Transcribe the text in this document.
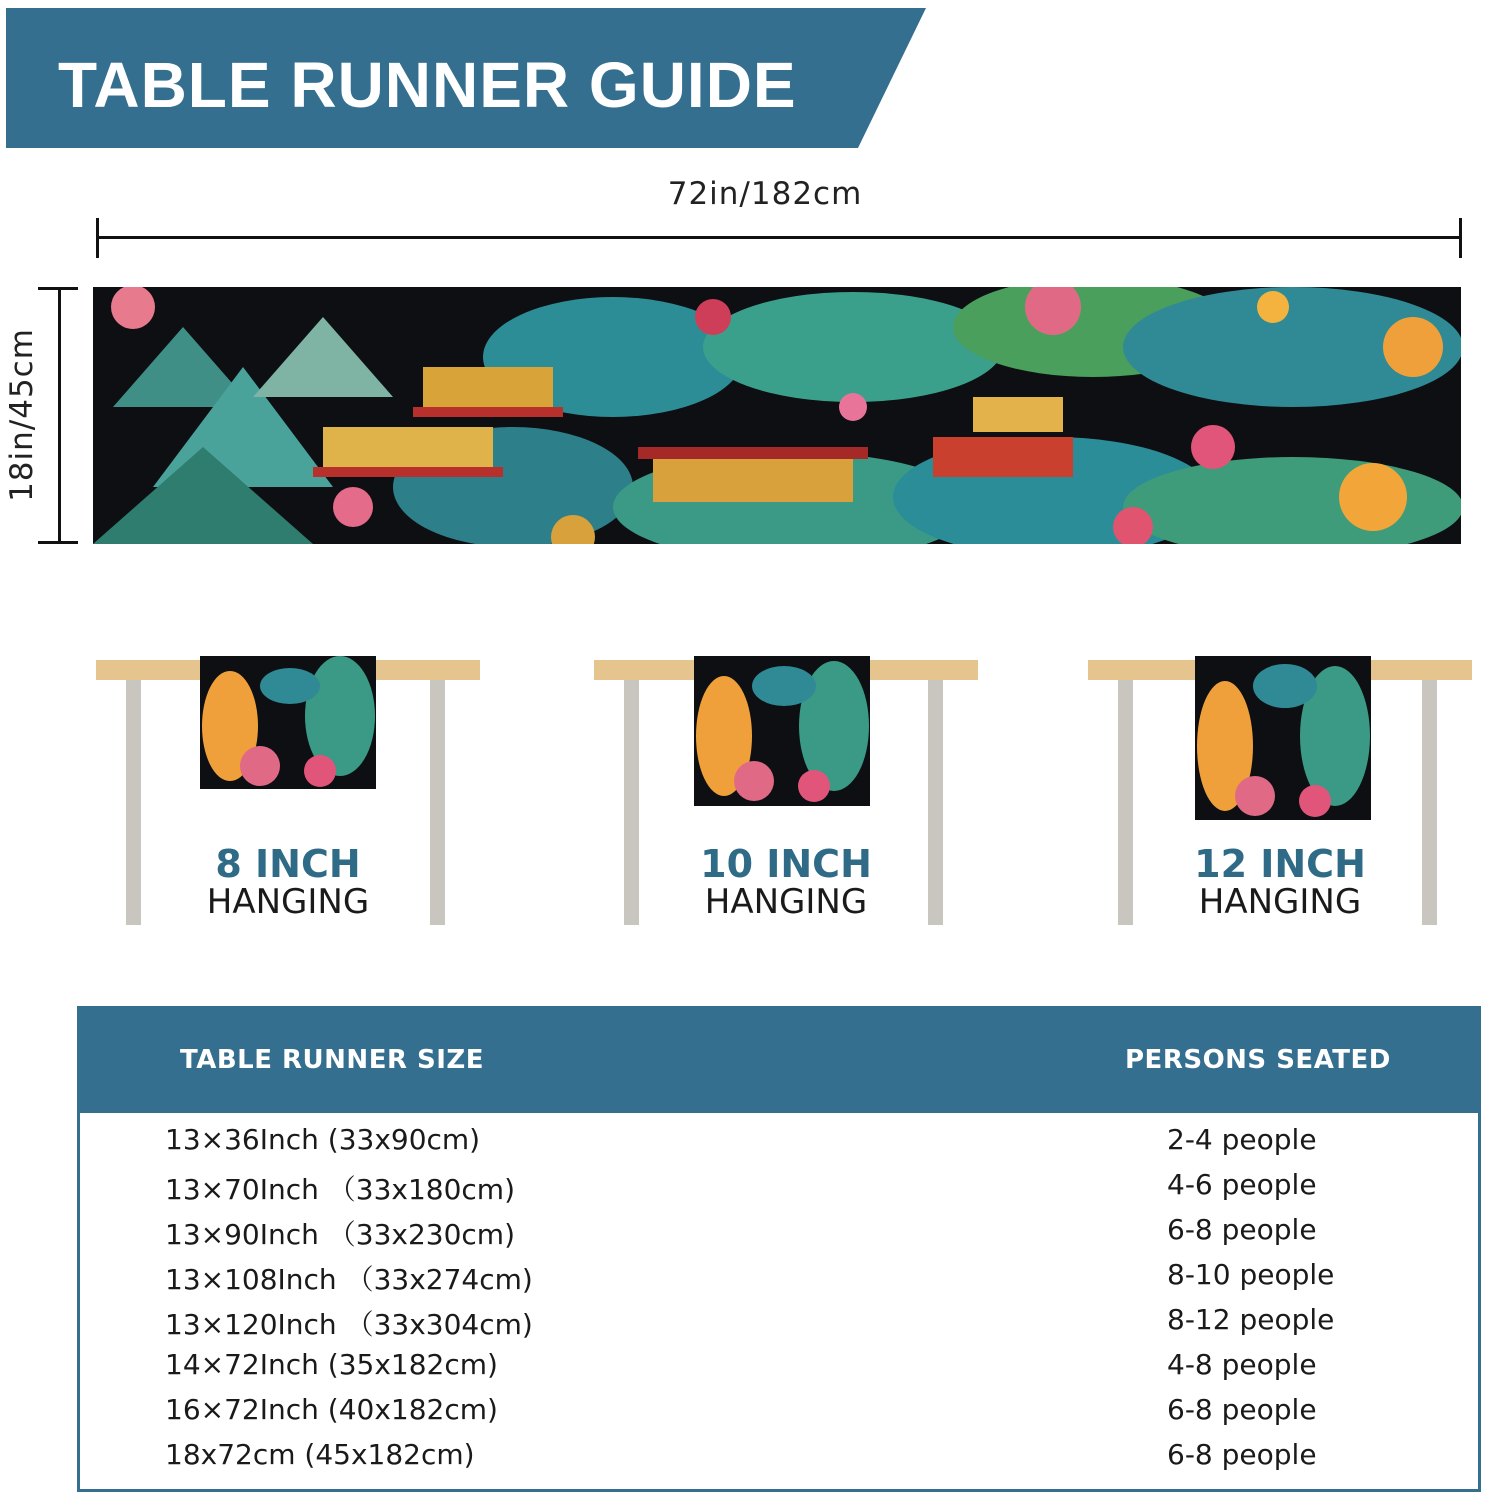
TABLE RUNNER GUIDE
72in/182cm
18in/45cm
8 INCH
HANGING
10 INCH
HANGING
12 INCH
HANGING
TABLE RUNNER SIZE	PERSONS SEATED
13×36Inch (33x90cm)	2-4 people
13×70Inch （33x180cm)	4-6 people
13×90Inch （33x230cm)	6-8 people
13×108Inch （33x274cm)	8-10 people
13×120Inch （33x304cm)	8-12 people
14×72Inch (35x182cm)	4-8 people
16×72Inch (40x182cm)	6-8 people
18x72cm (45x182cm)	6-8 people
